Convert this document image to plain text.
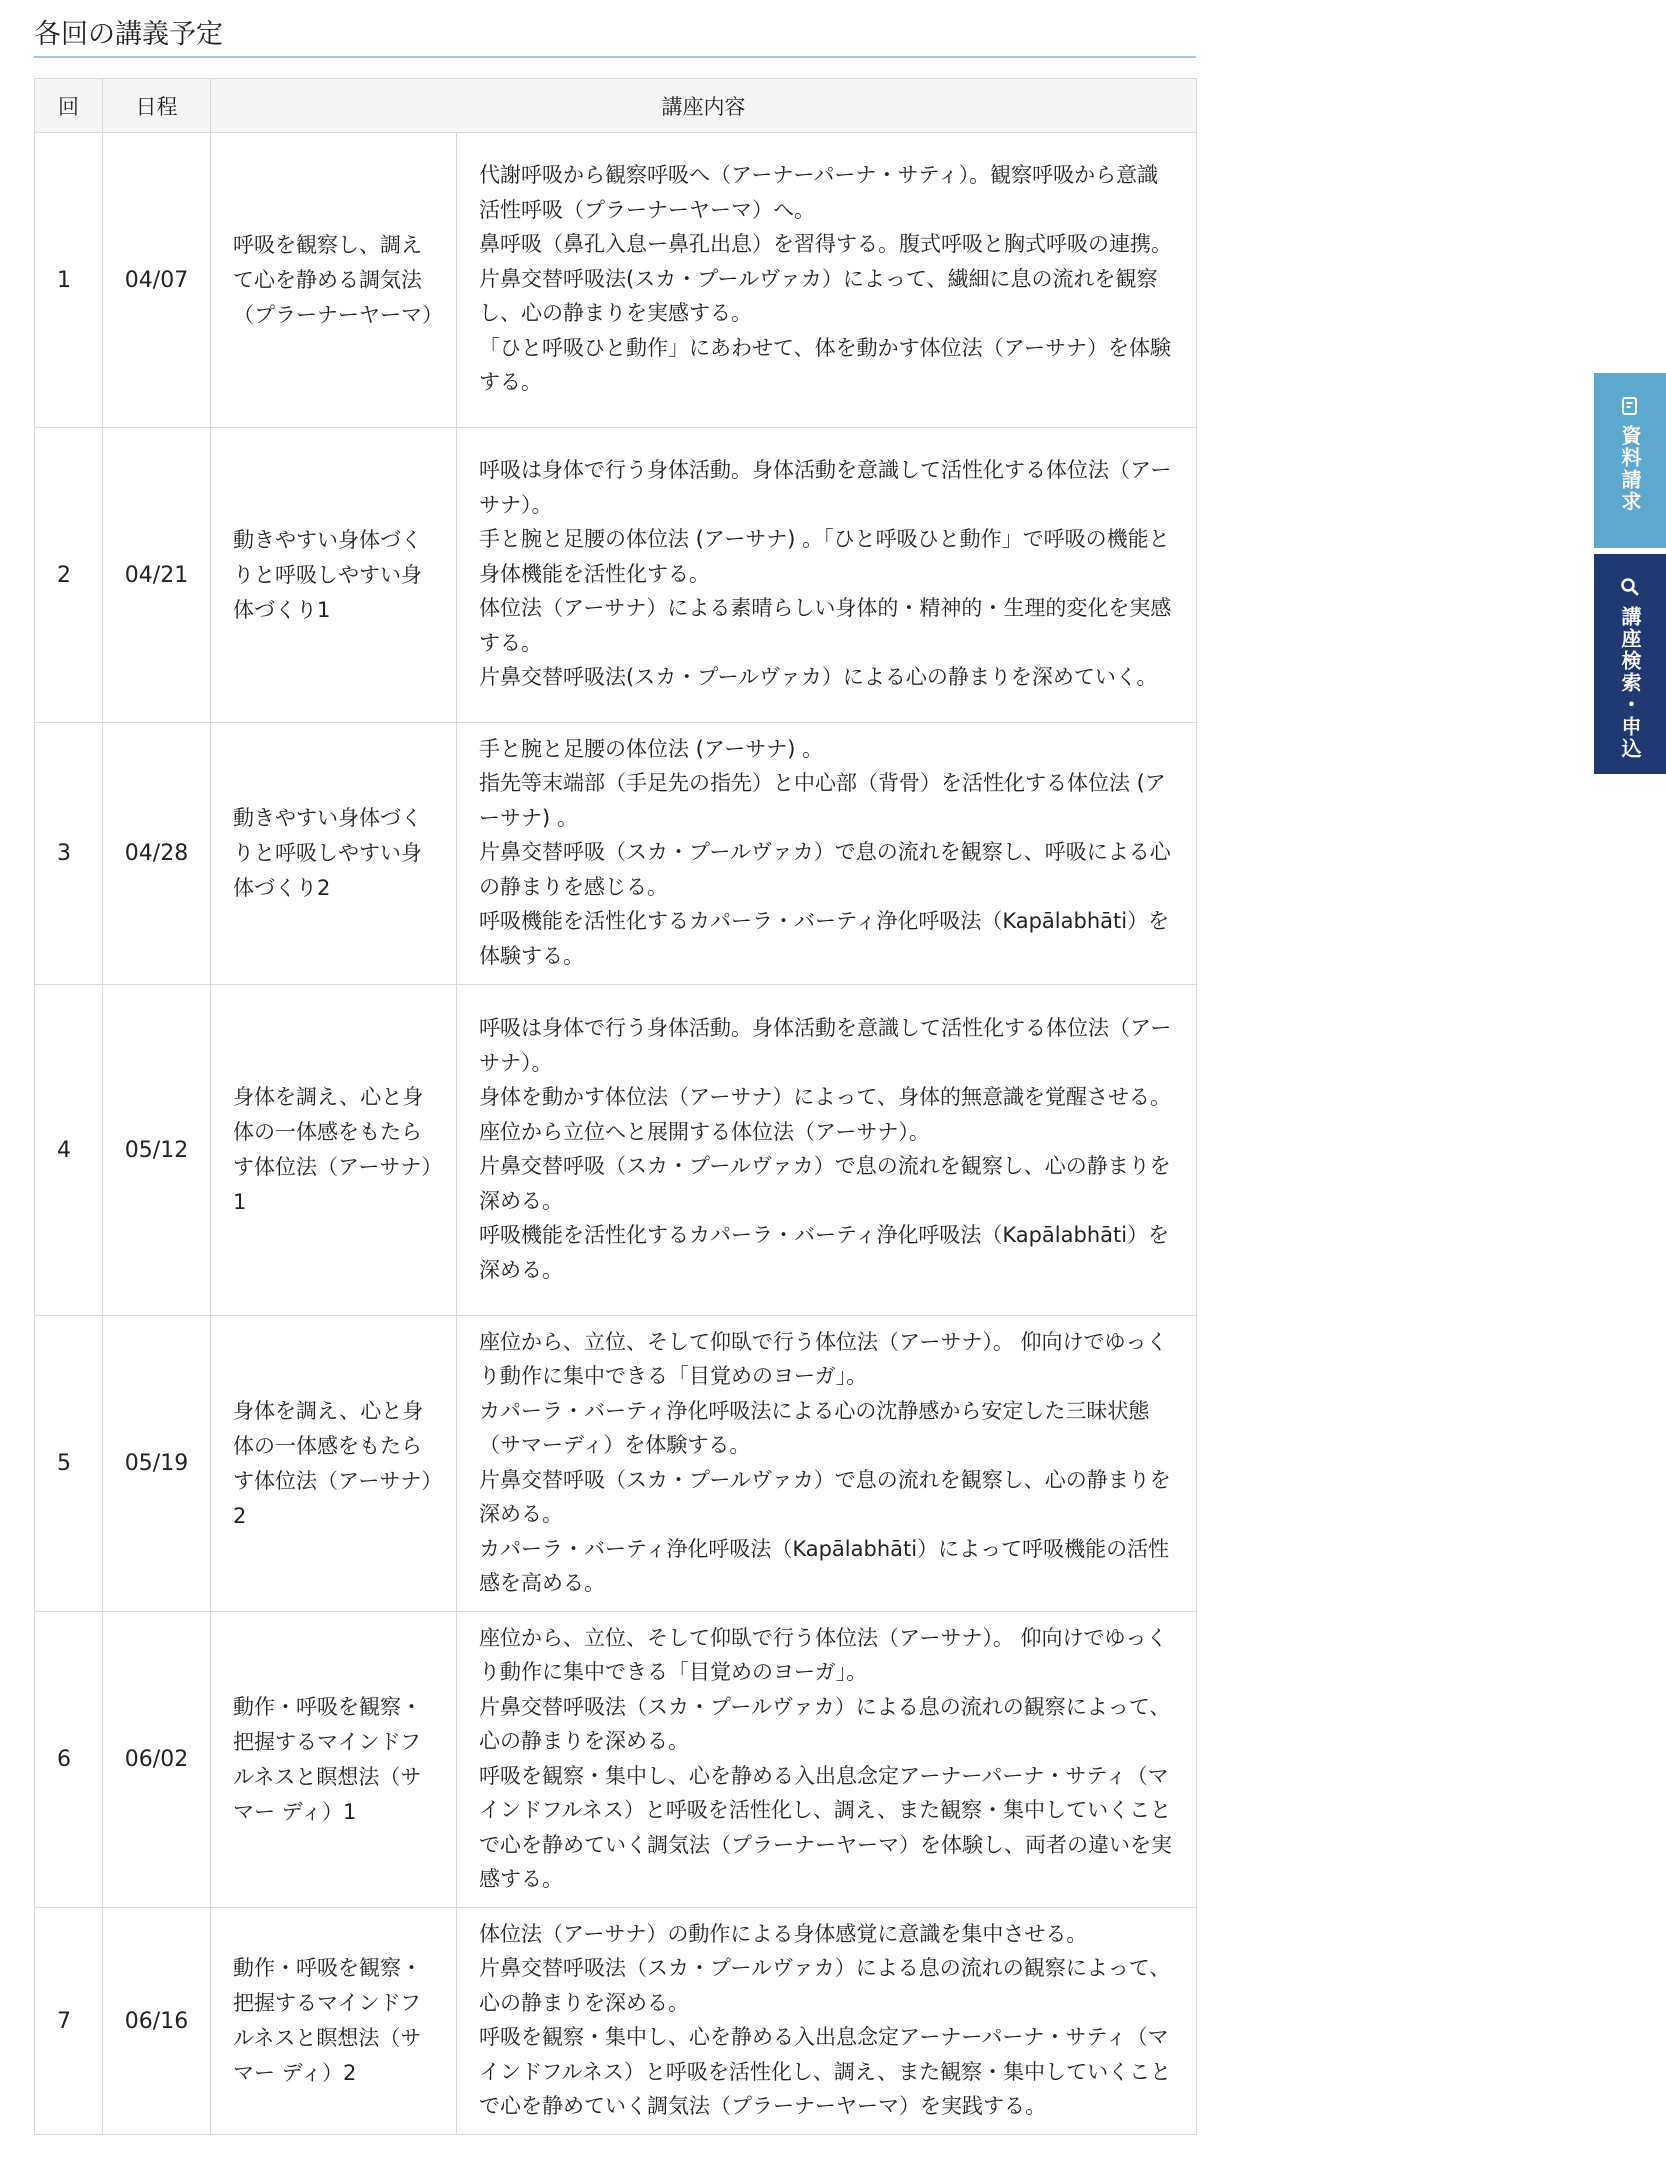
各回の講義予定
回	日程	講座内容	
1	04/07	呼吸を観察し、調えて心を静める調気法（プラーナーヤーマ）	代謝呼吸から観察呼吸へ（アーナーパーナ・サティ）。観察呼吸から意識活性呼吸（プラーナーヤーマ）へ。
鼻呼吸（鼻孔入息ー鼻孔出息）を習得する。腹式呼吸と胸式呼吸の連携。
片鼻交替呼吸法(スカ・プールヴァカ）によって、繊細に息の流れを観察し、心の静まりを実感する。
「ひと呼吸ひと動作」にあわせて、体を動かす体位法（アーサナ）を体験する。

2	04/21	動きやすい身体づくりと呼吸しやすい身体づくり1	呼吸は身体で行う身体活動。身体活動を意識して活性化する体位法（アーサナ）。
手と腕と足腰の体位法 (アーサナ) 。「ひと呼吸ひと動作」で呼吸の機能と身体機能を活性化する。
体位法（アーサナ）による素晴らしい身体的・精神的・生理的変化を実感する。
片鼻交替呼吸法(スカ・プールヴァカ）による心の静まりを深めていく。

3	04/28	動きやすい身体づくりと呼吸しやすい身体づくり2	手と腕と足腰の体位法 (アーサナ) 。
指先等末端部（手足先の指先）と中心部（背骨）を活性化する体位法 (アーサナ) 。
片鼻交替呼吸（スカ・プールヴァカ）で息の流れを観察し、呼吸による心の静まりを感じる。
呼吸機能を活性化するカパーラ・バーティ浄化呼吸法（Kapālabhāti）を体験する。

4	05/12	身体を調え、心と身体の一体感をもたらす体位法（アーサナ）1	呼吸は身体で行う身体活動。身体活動を意識して活性化する体位法（アーサナ）。
身体を動かす体位法（アーサナ）によって、身体的無意識を覚醒させる。
座位から立位へと展開する体位法（アーサナ）。
片鼻交替呼吸（スカ・プールヴァカ）で息の流れを観察し、心の静まりを深める。
呼吸機能を活性化するカパーラ・バーティ浄化呼吸法（Kapālabhāti）を深める。

5	05/19	身体を調え、心と身体の一体感をもたらす体位法（アーサナ）2	座位から、立位、そして仰臥で行う体位法（アーサナ）。 仰向けでゆっくり動作に集中できる「目覚めのヨーガ」。
カパーラ・バーティ浄化呼吸法による心の沈静感から安定した三昧状態（サマーディ）を体験する。
片鼻交替呼吸（スカ・プールヴァカ）で息の流れを観察し、心の静まりを深める。
カパーラ・バーティ浄化呼吸法（Kapālabhāti）によって呼吸機能の活性感を高める。

6	06/02	動作・呼吸を観察・把握するマインドフルネスと瞑想法（サマー ディ）1	座位から、立位、そして仰臥で行う体位法（アーサナ）。 仰向けでゆっくり動作に集中できる「目覚めのヨーガ」。
片鼻交替呼吸法（スカ・プールヴァカ）による息の流れの観察によって、心の静まりを深める。
呼吸を観察・集中し、心を静める入出息念定アーナーパーナ・サティ（マインドフルネス）と呼吸を活性化し、調え、また観察・集中していくことで心を静めていく調気法（プラーナーヤーマ）を体験し、両者の違いを実感する。

7	06/16	動作・呼吸を観察・把握するマインドフルネスと瞑想法（サマー ディ）2	体位法（アーサナ）の動作による身体感覚に意識を集中させる。
片鼻交替呼吸法（スカ・プールヴァカ）による息の流れの観察によって、心の静まりを深める。
呼吸を観察・集中し、心を静める入出息念定アーナーパーナ・サティ（マインドフルネス）と呼吸を活性化し、調え、また観察・集中していくことで心を静めていく調気法（プラーナーヤーマ）を実践する。
資料請求
講座検索・申込
